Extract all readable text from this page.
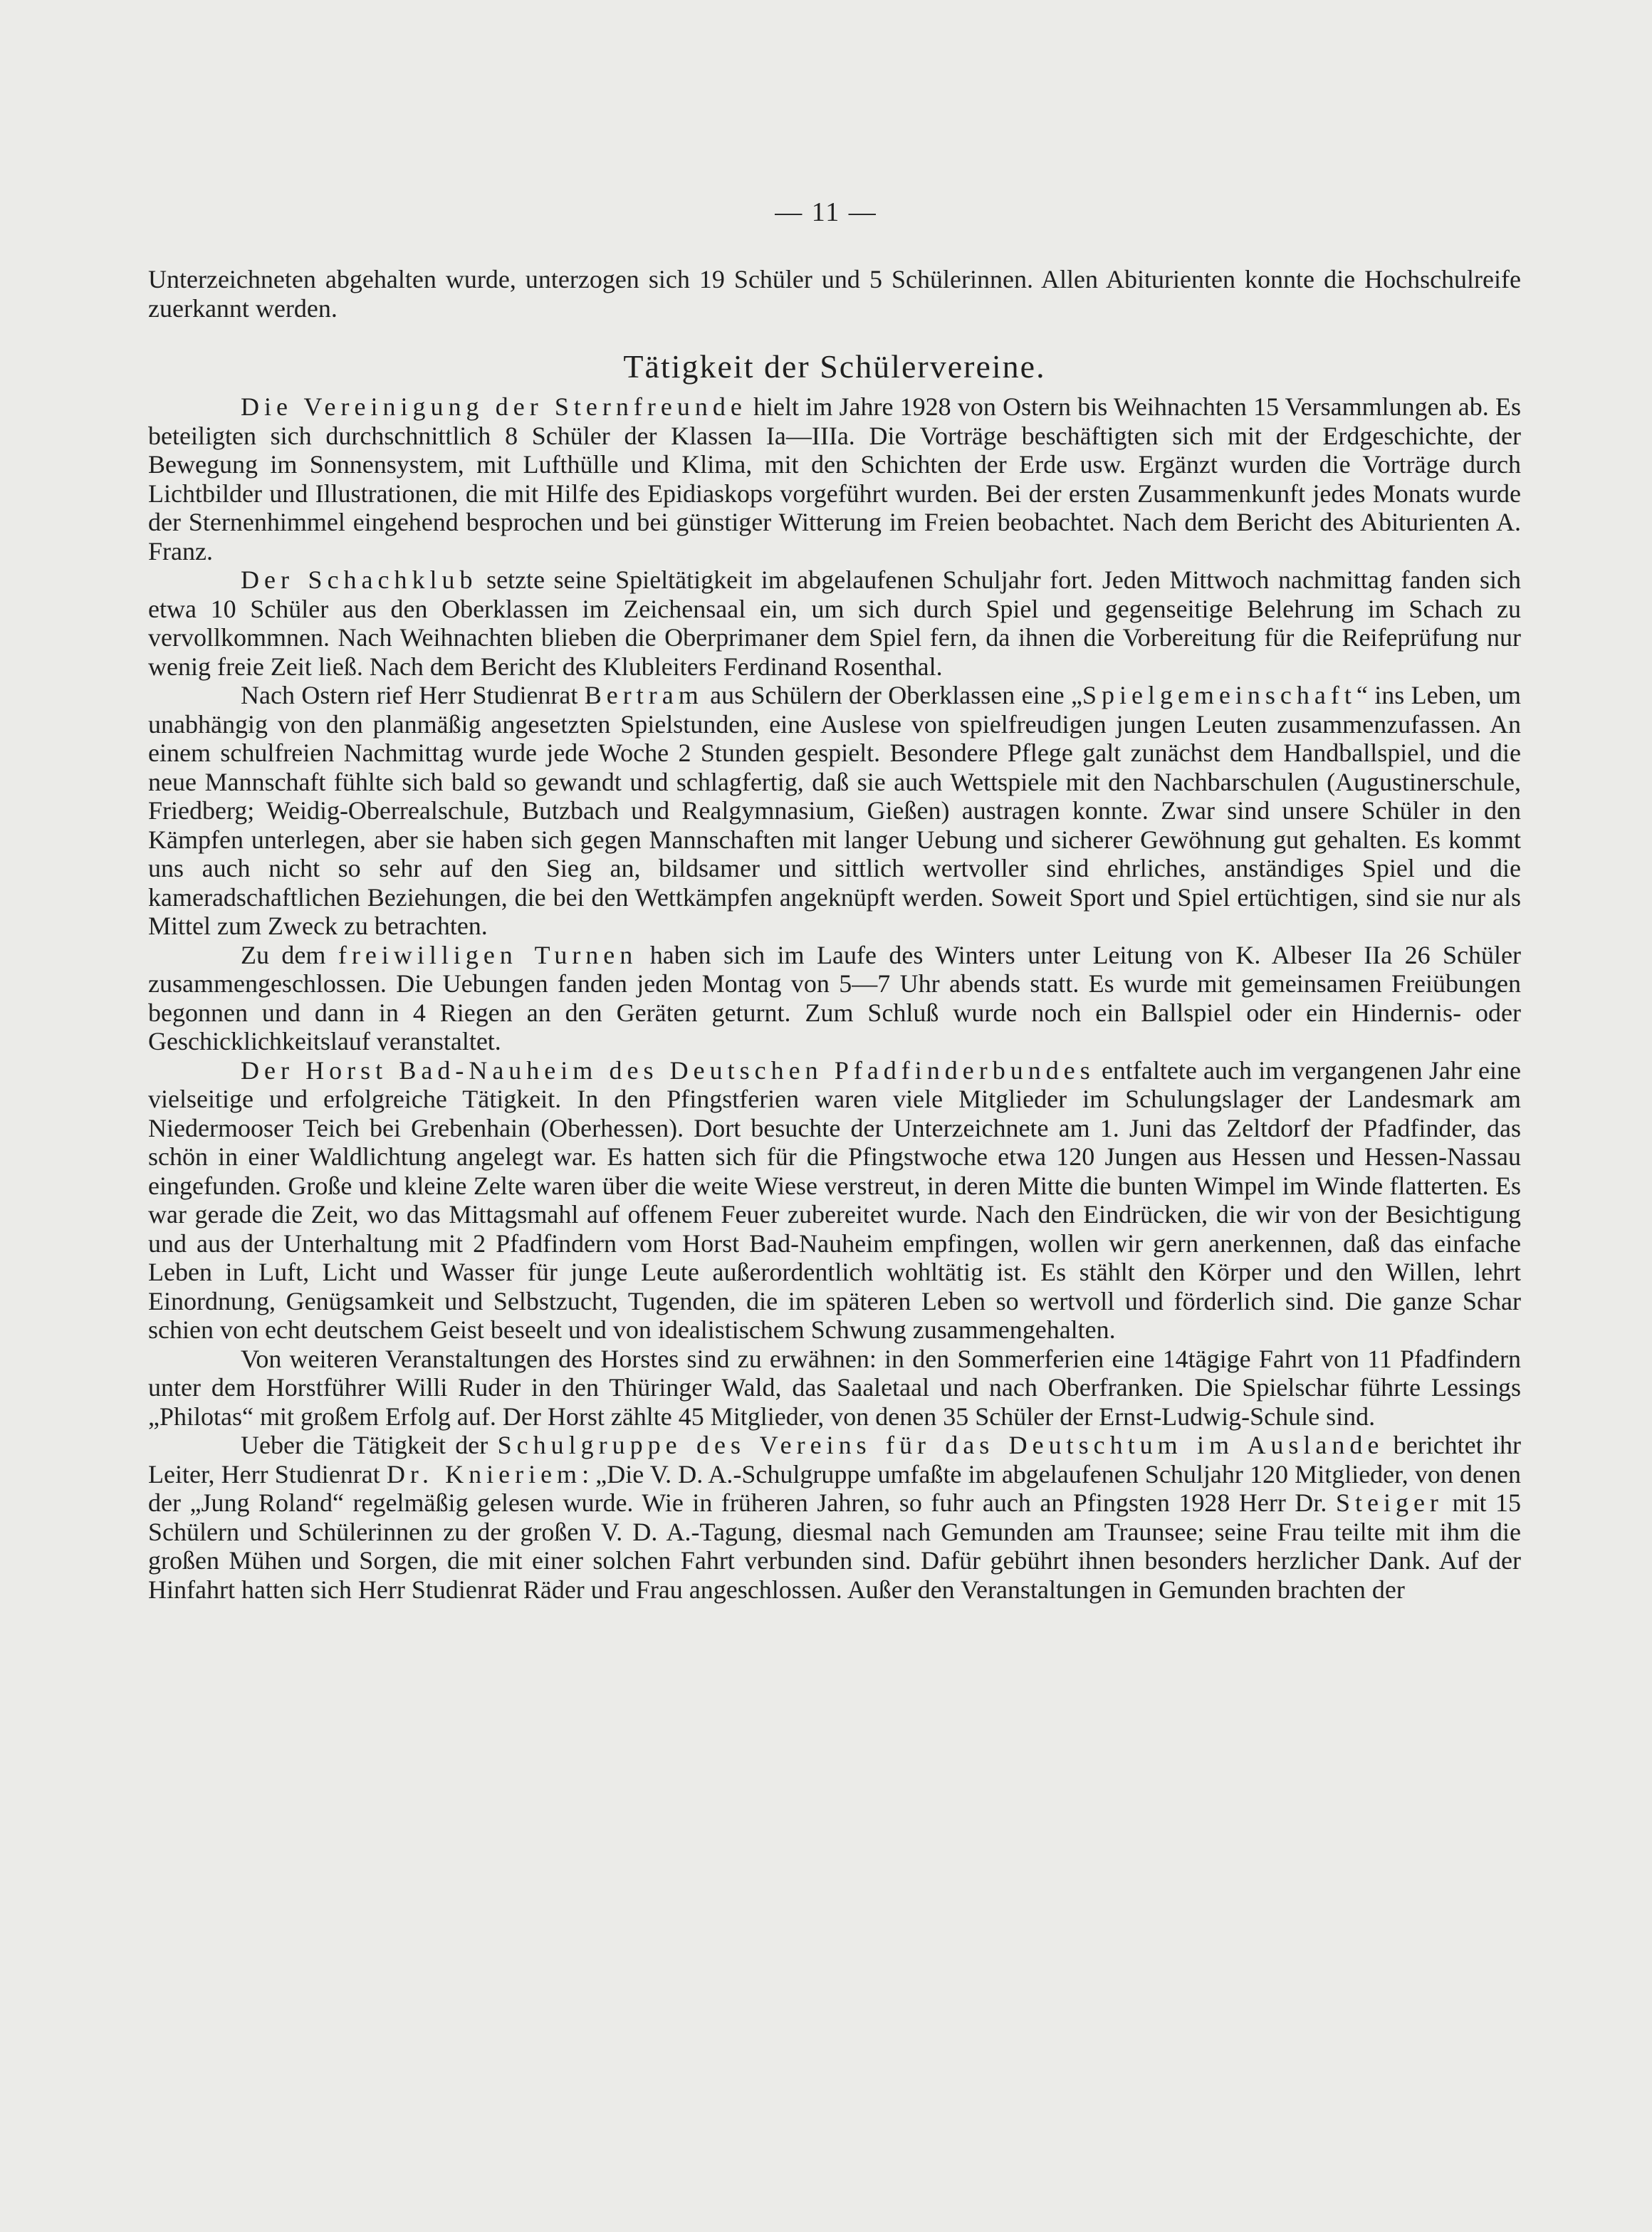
— 11 —

Unterzeichneten abgehalten wurde, unterzogen sich 19 Schüler und 5 Schülerinnen. Allen Abiturienten konnte die Hochschulreife zuerkannt werden.

Tätigkeit der Schülervereine.

Die Vereinigung der Sternfreunde hielt im Jahre 1928 von Ostern bis Weihnachten 15 Versammlungen ab. Es beteiligten sich durchschnittlich 8 Schüler der Klassen Ia—IIIa. Die Vorträge beschäftigten sich mit der Erdgeschichte, der Bewegung im Sonnensystem, mit Lufthülle und Klima, mit den Schichten der Erde usw. Ergänzt wurden die Vorträge durch Lichtbilder und Illustrationen, die mit Hilfe des Epidiaskops vorgeführt wurden. Bei der ersten Zusammenkunft jedes Monats wurde der Sternenhimmel eingehend besprochen und bei günstiger Witterung im Freien beobachtet. Nach dem Bericht des Abiturienten A. Franz.

Der Schachklub setzte seine Spieltätigkeit im abgelaufenen Schuljahr fort. Jeden Mittwoch nachmittag fanden sich etwa 10 Schüler aus den Oberklassen im Zeichensaal ein, um sich durch Spiel und gegenseitige Belehrung im Schach zu vervollkommnen. Nach Weihnachten blieben die Oberprimaner dem Spiel fern, da ihnen die Vorbereitung für die Reifeprüfung nur wenig freie Zeit ließ. Nach dem Bericht des Klubleiters Ferdinand Rosenthal.

Nach Ostern rief Herr Studienrat Bertram aus Schülern der Oberklassen eine „Spielgemeinschaft“ ins Leben, um unabhängig von den planmäßig angesetzten Spielstunden, eine Auslese von spielfreudigen jungen Leuten zusammenzufassen. An einem schulfreien Nachmittag wurde jede Woche 2 Stunden gespielt. Besondere Pflege galt zunächst dem Handballspiel, und die neue Mannschaft fühlte sich bald so gewandt und schlagfertig, daß sie auch Wettspiele mit den Nachbarschulen (Augustinerschule, Friedberg; Weidig-Oberrealschule, Butzbach und Realgymnasium, Gießen) austragen konnte. Zwar sind unsere Schüler in den Kämpfen unterlegen, aber sie haben sich gegen Mannschaften mit langer Uebung und sicherer Gewöhnung gut gehalten. Es kommt uns auch nicht so sehr auf den Sieg an, bildsamer und sittlich wertvoller sind ehrliches, anständiges Spiel und die kameradschaftlichen Beziehungen, die bei den Wettkämpfen angeknüpft werden. Soweit Sport und Spiel ertüchtigen, sind sie nur als Mittel zum Zweck zu betrachten.

Zu dem freiwilligen Turnen haben sich im Laufe des Winters unter Leitung von K. Albeser IIa 26 Schüler zusammengeschlossen. Die Uebungen fanden jeden Montag von 5—7 Uhr abends statt. Es wurde mit gemeinsamen Freiübungen begonnen und dann in 4 Riegen an den Geräten geturnt. Zum Schluß wurde noch ein Ballspiel oder ein Hindernis- oder Geschicklichkeitslauf veranstaltet.

Der Horst Bad-Nauheim des Deutschen Pfadfinderbundes entfaltete auch im vergangenen Jahr eine vielseitige und erfolgreiche Tätigkeit. In den Pfingstferien waren viele Mitglieder im Schulungslager der Landesmark am Niedermooser Teich bei Grebenhain (Oberhessen). Dort besuchte der Unterzeichnete am 1. Juni das Zeltdorf der Pfadfinder, das schön in einer Waldlichtung angelegt war. Es hatten sich für die Pfingstwoche etwa 120 Jungen aus Hessen und Hessen-Nassau eingefunden. Große und kleine Zelte waren über die weite Wiese verstreut, in deren Mitte die bunten Wimpel im Winde flatterten. Es war gerade die Zeit, wo das Mittagsmahl auf offenem Feuer zubereitet wurde. Nach den Eindrücken, die wir von der Besichtigung und aus der Unterhaltung mit 2 Pfadfindern vom Horst Bad-Nauheim empfingen, wollen wir gern anerkennen, daß das einfache Leben in Luft, Licht und Wasser für junge Leute außerordentlich wohltätig ist. Es stählt den Körper und den Willen, lehrt Einordnung, Genügsamkeit und Selbstzucht, Tugenden, die im späteren Leben so wertvoll und förderlich sind. Die ganze Schar schien von echt deutschem Geist beseelt und von idealistischem Schwung zusammengehalten.

Von weiteren Veranstaltungen des Horstes sind zu erwähnen: in den Sommerferien eine 14tägige Fahrt von 11 Pfadfindern unter dem Horstführer Willi Ruder in den Thüringer Wald, das Saaletaal und nach Oberfranken. Die Spielschar führte Lessings „Philotas“ mit großem Erfolg auf. Der Horst zählte 45 Mitglieder, von denen 35 Schüler der Ernst-Ludwig-Schule sind.

Ueber die Tätigkeit der Schulgruppe des Vereins für das Deutschtum im Auslande berichtet ihr Leiter, Herr Studienrat Dr. Knieriem: „Die V. D. A.-Schulgruppe umfaßte im abgelaufenen Schuljahr 120 Mitglieder, von denen der „Jung Roland“ regelmäßig gelesen wurde. Wie in früheren Jahren, so fuhr auch an Pfingsten 1928 Herr Dr. Steiger mit 15 Schülern und Schülerinnen zu der großen V. D. A.-Tagung, diesmal nach Gemunden am Traunsee; seine Frau teilte mit ihm die großen Mühen und Sorgen, die mit einer solchen Fahrt verbunden sind. Dafür gebührt ihnen besonders herzlicher Dank. Auf der Hinfahrt hatten sich Herr Studienrat Räder und Frau angeschlossen. Außer den Veranstaltungen in Gemunden brachten der
